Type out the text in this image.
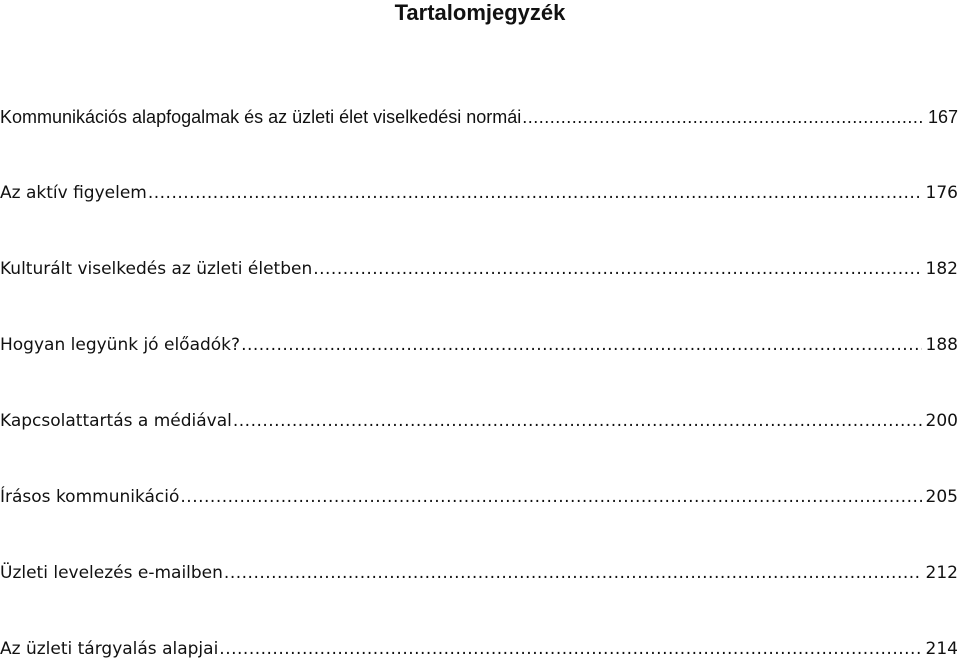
Tartalomjegyzék
Kommunikációs alapfogalmak és az üzleti élet viselkedési normái .....	167
Az aktív figyelem .....	176
Kulturált viselkedés az üzleti életben .....	182
Hogyan legyünk jó előadók? .....	188
Kapcsolattartás a médiával .....	200
Írásos kommunikáció .....	205
Üzleti levelezés e-mailben .....	212
Az üzleti tárgyalás alapjai .....	214
